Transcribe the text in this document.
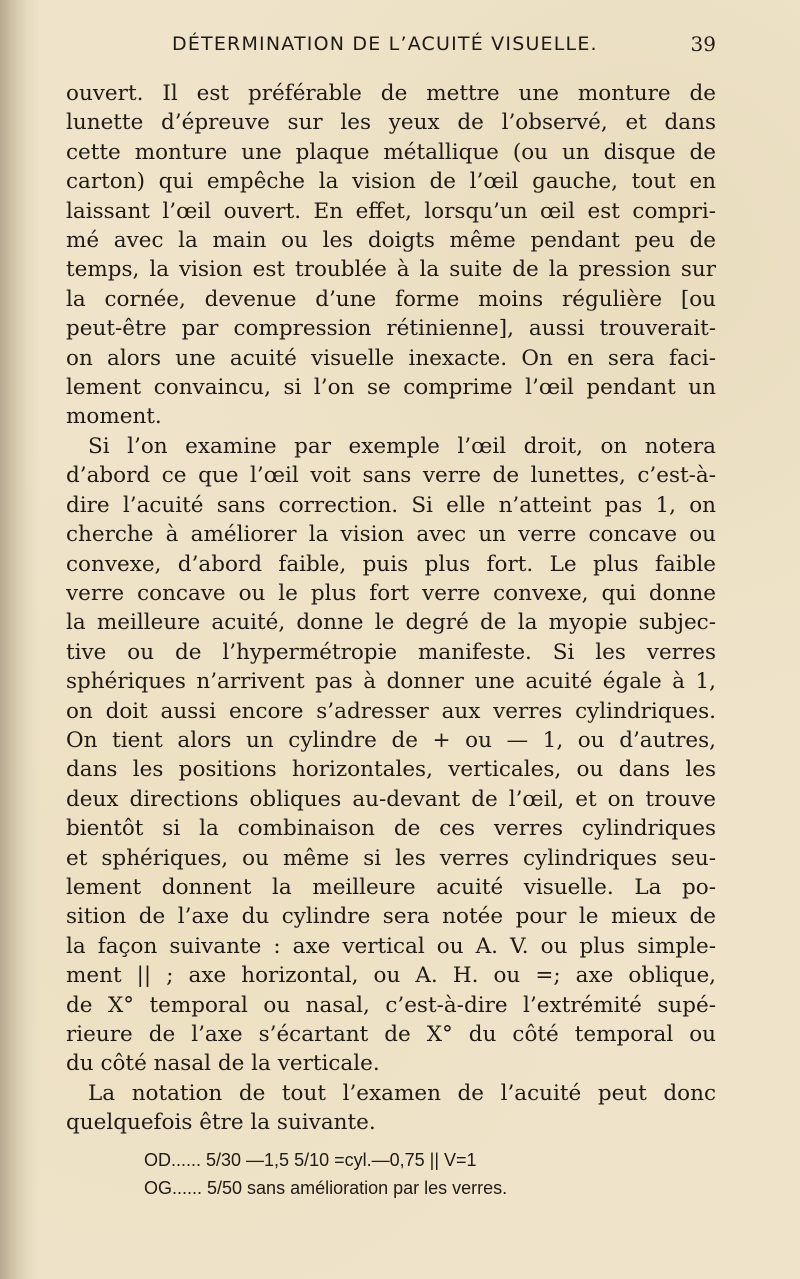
DÉTERMINATION DE L’ACUITÉ VISUELLE.	39
ouvert. Il est préférable de mettre une monture de
lunette d’épreuve sur les yeux de l’observé, et dans
cette monture une plaque métallique (ou un disque de
carton) qui empêche la vision de l’œil gauche, tout en
laissant l’œil ouvert. En effet, lorsqu’un œil est compri-
mé avec la main ou les doigts même pendant peu de
temps, la vision est troublée à la suite de la pression sur
la cornée, devenue d’une forme moins régulière [ou
peut-être par compression rétinienne], aussi trouverait-
on alors une acuité visuelle inexacte. On en sera faci-
lement convaincu, si l’on se comprime l’œil pendant un
moment.
Si l’on examine par exemple l’œil droit, on notera
d’abord ce que l’œil voit sans verre de lunettes, c’est-à-
dire l’acuité sans correction. Si elle n’atteint pas 1, on
cherche à améliorer la vision avec un verre concave ou
convexe, d’abord faible, puis plus fort. Le plus faible
verre concave ou le plus fort verre convexe, qui donne
la meilleure acuité, donne le degré de la myopie subjec-
tive ou de l’hypermétropie manifeste. Si les verres
sphériques n’arrivent pas à donner une acuité égale à 1,
on doit aussi encore s’adresser aux verres cylindriques.
On tient alors un cylindre de + ou — 1, ou d’autres,
dans les positions horizontales, verticales, ou dans les
deux directions obliques au-devant de l’œil, et on trouve
bientôt si la combinaison de ces verres cylindriques
et sphériques, ou même si les verres cylindriques seu-
lement donnent la meilleure acuité visuelle. La po-
sition de l’axe du cylindre sera notée pour le mieux de
la façon suivante : axe vertical ou A. V. ou plus simple-
ment || ; axe horizontal, ou A. H. ou =; axe oblique,
de X° temporal ou nasal, c’est-à-dire l’extrémité supé-
rieure de l’axe s’écartant de X° du côté temporal ou
du côté nasal de la verticale.
La notation de tout l’examen de l’acuité peut donc
quelquefois être la suivante.
OD...... 5/30 —1,5 5/10 =cyl.—0,75 || V=1
OG...... 5/50 sans amélioration par les verres.
